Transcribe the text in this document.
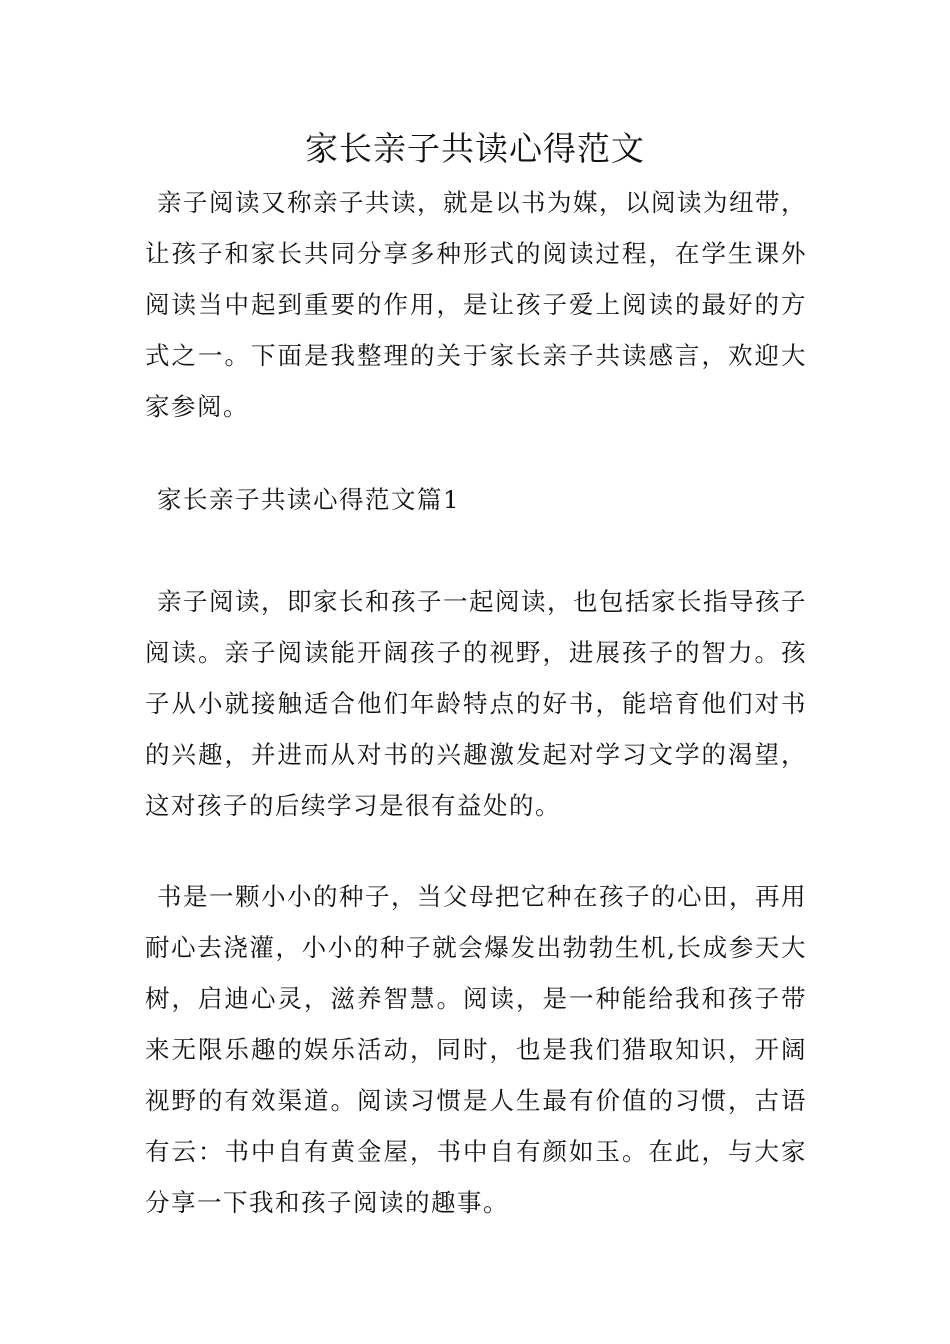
家长亲子共读心得范文

亲子阅读又称亲子共读，就是以书为媒，以阅读为纽带，让孩子和家长共同分享多种形式的阅读过程，在学生课外阅读当中起到重要的作用，是让孩子爱上阅读的最好的方式之一。下面是我整理的关于家长亲子共读感言，欢迎大家参阅。

家长亲子共读心得范文篇1

亲子阅读，即家长和孩子一起阅读，也包括家长指导孩子阅读。亲子阅读能开阔孩子的视野，进展孩子的智力。孩子从小就接触适合他们年龄特点的好书，能培育他们对书的兴趣，并进而从对书的兴趣激发起对学习文学的渴望，这对孩子的后续学习是很有益处的。

书是一颗小小的种子，当父母把它种在孩子的心田，再用耐心去浇灌，小小的种子就会爆发出勃勃生机,长成参天大树，启迪心灵，滋养智慧。阅读，是一种能给我和孩子带来无限乐趣的娱乐活动，同时，也是我们猎取知识，开阔视野的有效渠道。阅读习惯是人生最有价值的习惯，古语有云：书中自有黄金屋，书中自有颜如玉。在此，与大家分享一下我和孩子阅读的趣事。
